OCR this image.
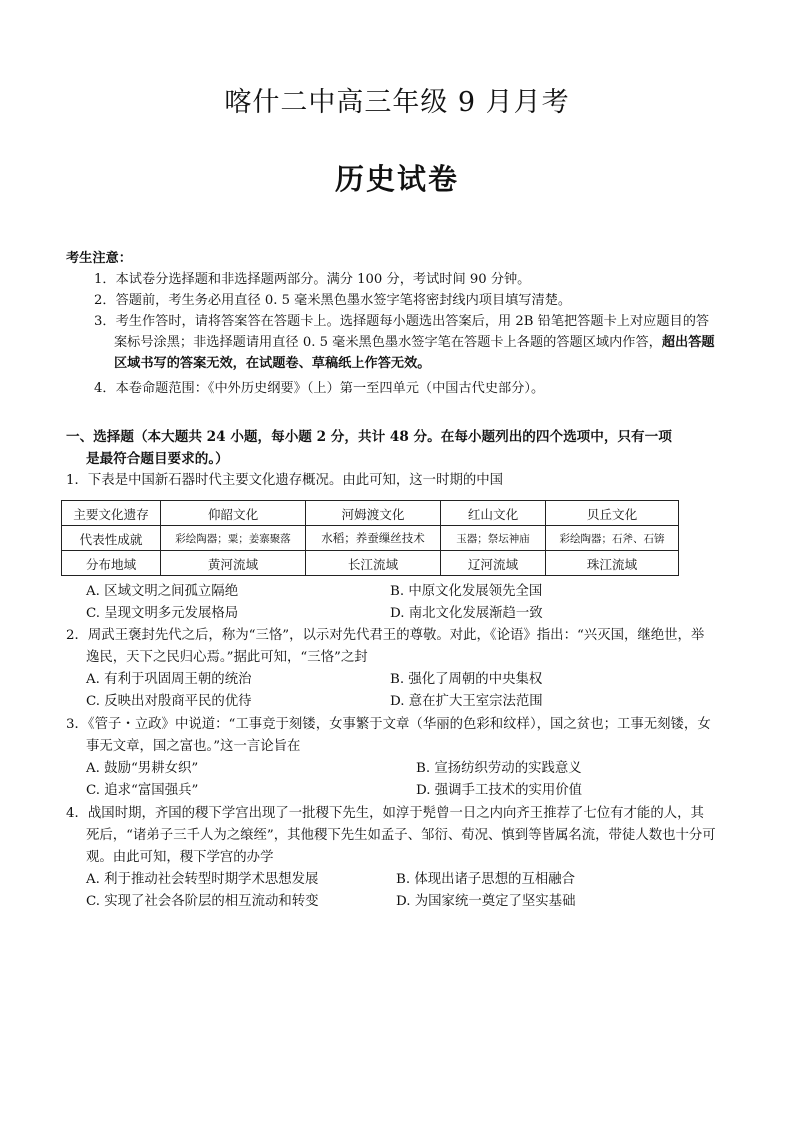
喀什二中高三年级 9 月月考
历史试卷
考生注意：
1．本试卷分选择题和非选择题两部分。满分 100 分，考试时间 90 分钟。
2．答题前，考生务必用直径 0. 5 毫米黑色墨水签字笔将密封线内项目填写清楚。
3．考生作答时，请将答案答在答题卡上。选择题每小题选出答案后，用 2B 铅笔把答题卡上对应题目的答案标号涂黑；非选择题请用直径 0. 5 毫米黑色墨水签字笔在答题卡上各题的答题区域内作答，超出答题区域书写的答案无效，在试题卷、草稿纸上作答无效。
4．本卷命题范围：《中外历史纲要》（上）第一至四单元（中国古代史部分）。
一、选择题（本大题共 24 小题，每小题 2 分，共计 48 分。在每小题列出的四个选项中，只有一项
是最符合题目要求的。）
1．下表是中国新石器时代主要文化遗存概况。由此可知，这一时期的中国
主要文化遗存	仰韶文化	河姆渡文化	红山文化	贝丘文化
代表性成就	彩绘陶器；粟；姜寨聚落	水稻；养蚕缫丝技术	玉器；祭坛神庙	彩绘陶器；石斧、石锛
分布地域	黄河流域	长江流域	辽河流域	珠江流域
A. 区域文明之间孤立隔绝	B. 中原文化发展领先全国
C. 呈现文明多元发展格局	D. 南北文化发展渐趋一致
2．周武王褒封先代之后，称为“三恪”，以示对先代君王的尊敬。对此，《论语》指出：“兴灭国，继绝世，举逸民，天下之民归心焉。”据此可知，“三恪”之封
A. 有利于巩固周王朝的统治	B. 强化了周朝的中央集权
C. 反映出对殷商平民的优待	D. 意在扩大王室宗法范围
3．《管子・立政》中说道：“工事竞于刻镂，女事繁于文章（华丽的色彩和纹样），国之贫也；工事无刻镂，女事无文章，国之富也。”这一言论旨在
A. 鼓励“男耕女织”	B. 宣扬纺织劳动的实践意义
C. 追求“富国强兵”	D. 强调手工技术的实用价值
4．战国时期，齐国的稷下学宫出现了一批稷下先生，如淳于髡曾一日之内向齐王推荐了七位有才能的人，其死后，“诸弟子三千人为之缞绖”，其他稷下先生如孟子、邹衍、荀况、慎到等皆属名流，带徒人数也十分可观。由此可知，稷下学宫的办学
A. 利于推动社会转型时期学术思想发展	B. 体现出诸子思想的互相融合
C. 实现了社会各阶层的相互流动和转变	D. 为国家统一奠定了坚实基础
